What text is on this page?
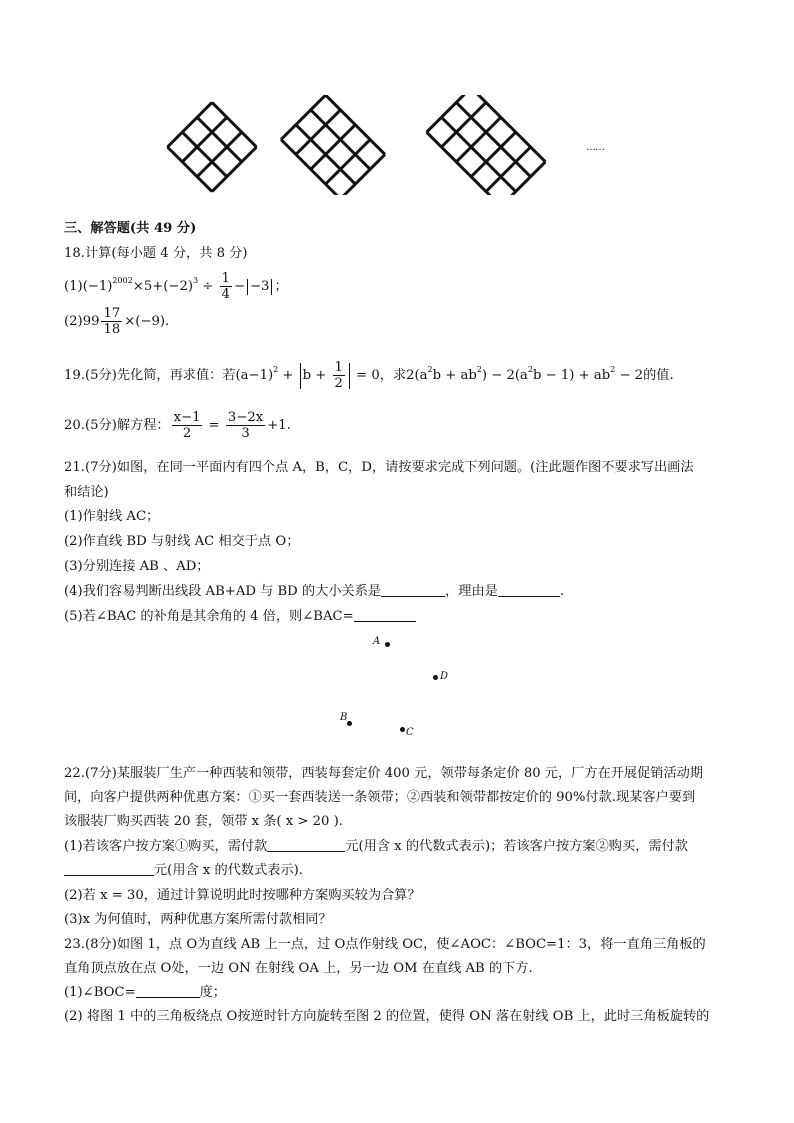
……
三、解答题(共 49 分)
18.计算(每小题 4 分，共 8 分)
$(1)(-1)^{2002}\times 5+(-2)^3 \div \frac{1}{4} - -3$ ；
$(2)99 \frac{17}{18} \times(-9)$.
19.(5分)先化简，再求值：若$(a-1)^2 + b + \frac{1}{2} = 0$，求$2(a^2b + ab^2) - 2(a^2b - 1) + ab^2 - 2$的值.
20.(5分)解方程： $\frac{x-1}{2} = \frac{3-2x}{3} +1$.
21.(7分)如图，在同一平面内有四个点 A，B，C，D，请按要求完成下列问题。(注此题作图不要求写出画法
和结论)
(1)作射线 AC；
(2)作直线 BD 与射线 AC 相交于点 O；
(3)分别连接 AB 、AD；
(4)我们容易判断出线段 AB+AD 与 BD 的大小关系是	，理由是	.
(5)若∠BAC 的补角是其余角的 4 倍，则∠BAC=
A
D
B
C
22.(7分)某服装厂生产一种西装和领带，西装每套定价 400 元，领带每条定价 80 元，厂方在开展促销活动期
间，向客户提供两种优惠方案：①买一套西装送一条领带；②西装和领带都按定价的 90%付款.现某客户要到
该服装厂购买西装 20 套，领带 x 条( x > 20 ).
(1)若该客户按方案①购买，需付款	元(用含 x 的代数式表示)；若该客户按方案②购买，需付款
元(用含 x 的代数式表示).
(2)若 x = 30，通过计算说明此时按哪种方案购买较为合算？
(3)x 为何值时，两种优惠方案所需付款相同？
23.(8分)如图 1，点 O为直线 AB 上一点，过 O点作射线 OC，使∠AOC：∠BOC=1：3，将一直角三角板的
直角顶点放在点 O处，一边 ON 在射线 OA 上，另一边 OM 在直线 AB 的下方.
(1)∠BOC=	度；
(2) 将图 1 中的三角板绕点 O按逆时针方向旋转至图 2 的位置，使得 ON 落在射线 OB 上，此时三角板旋转的
